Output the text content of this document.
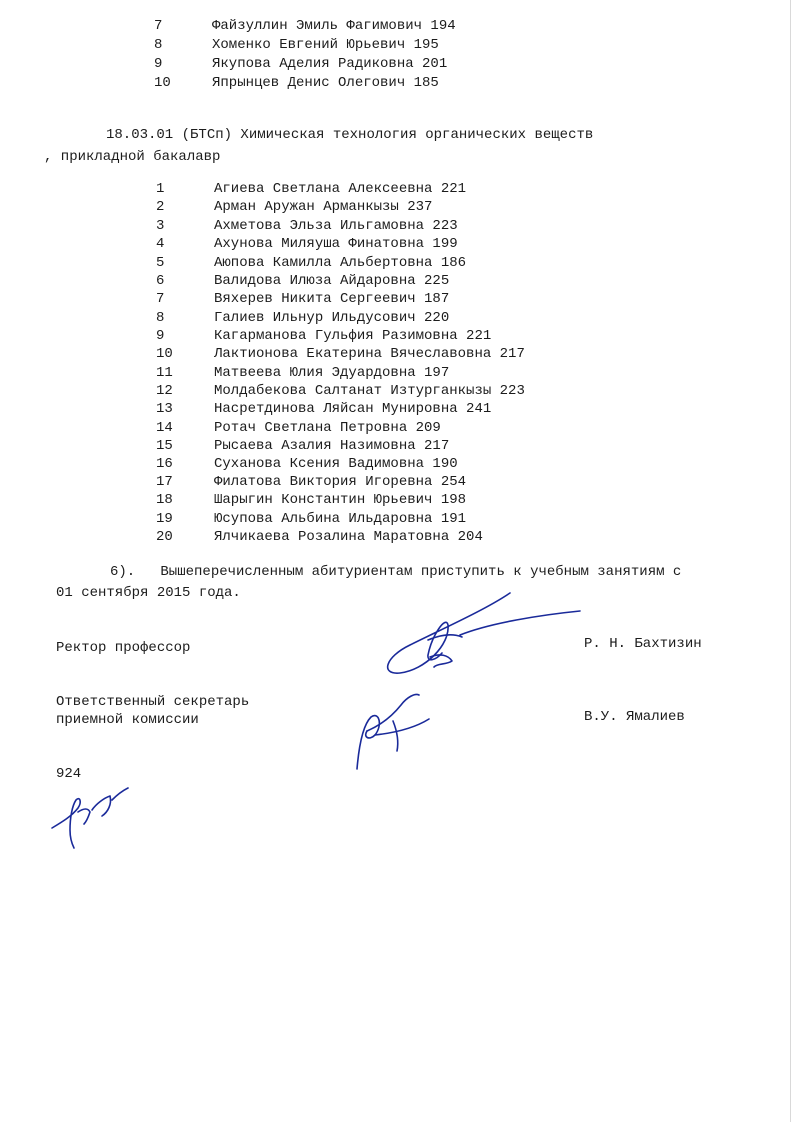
7	Файзуллин Эмиль Фагимович 194
8	Хоменко Евгений Юрьевич 195
9	Якупова Аделия Радиковна 201
10	Япрынцев Денис Олегович 185
18.03.01 (БТСп) Химическая технология органических веществ
, прикладной бакалавр
1	Агиева Светлана Алексеевна 221
2	Арман Аружан Арманкызы 237
3	Ахметова Эльза Ильгамовна 223
4	Ахунова Миляуша Финатовна 199
5	Аюпова Камилла Альбертовна 186
6	Валидова Илюза Айдаровна 225
7	Вяхерев Никита Сергеевич 187
8	Галиев Ильнур Ильдусович 220
9	Кагарманова Гульфия Разимовна 221
10	Лактионова Екатерина Вячеславовна 217
11	Матвеева Юлия Эдуардовна 197
12	Молдабекова Салтанат Изтурганкызы 223
13	Насретдинова Ляйсан Мунировна 241
14	Ротач Светлана Петровна 209
15	Рысаева Азалия Назимовна 217
16	Суханова Ксения Вадимовна 190
17	Филатова Виктория Игоревна 254
18	Шарыгин Константин Юрьевич 198
19	Юсупова Альбина Ильдаровна 191
20	Ялчикаева Розалина Маратовна 204
6).   Вышеперечисленным абитуриентам приступить к учебным занятиям с
01 сентября 2015 года.
Ректор профессор	Р. Н. Бахтизин
Ответственный секретарь
приемной комиссии	В.У. Ямалиев
924
